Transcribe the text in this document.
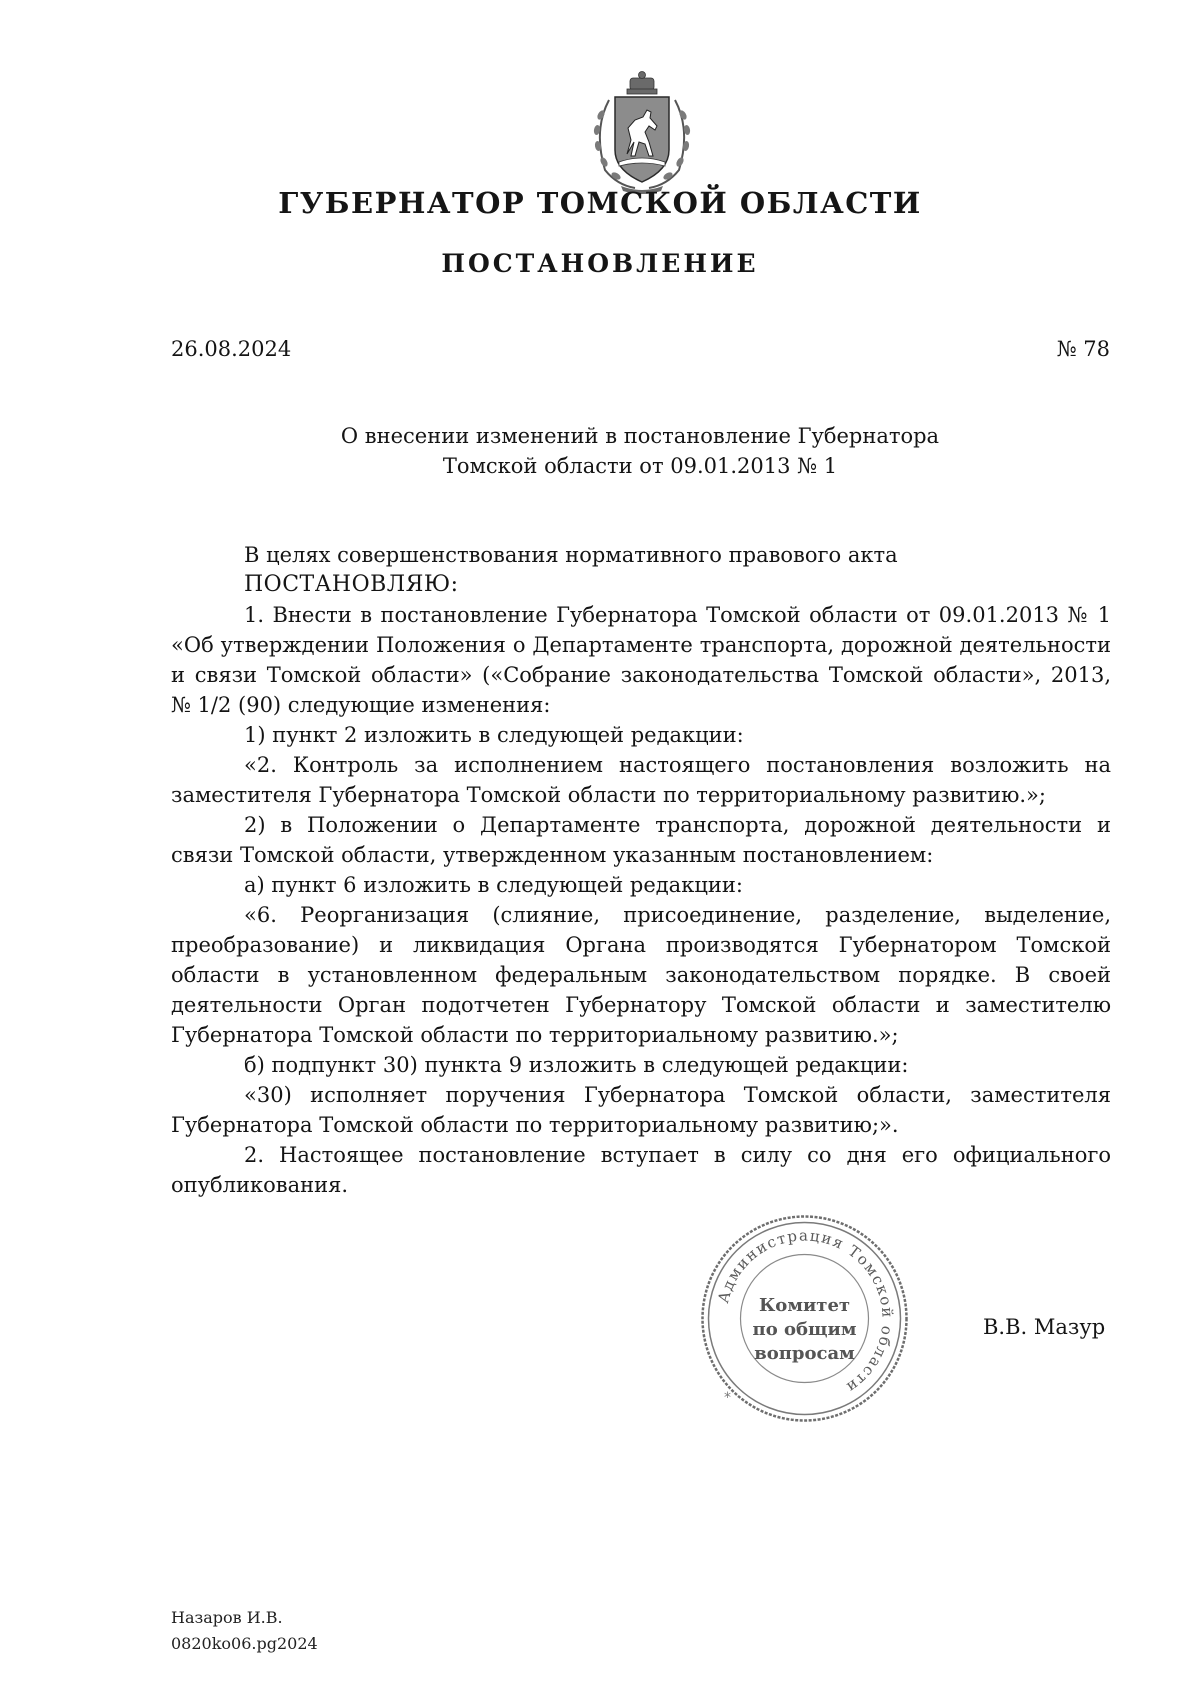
ГУБЕРНАТОР ТОМСКОЙ ОБЛАСТИ
ПОСТАНОВЛЕНИЕ
26.08.2024	№ 78
О внесении изменений в постановление Губернатора
Томской области от 09.01.2013 № 1

В целях совершенствования нормативного правового акта

ПОСТАНОВЛЯЮ:

1. Внести в постановление Губернатора Томской области от 09.01.2013 № 1 «Об утверждении Положения о Департаменте транспорта, дорожной деятельности и связи Томской области» («Собрание законодательства Томской области», 2013, № 1/2 (90) следующие изменения:

1) пункт 2 изложить в следующей редакции:

«2. Контроль за исполнением настоящего постановления возложить на заместителя Губернатора Томской области по территориальному развитию.»;

2) в Положении о Департаменте транспорта, дорожной деятельности и связи Томской области, утвержденном указанным постановлением:

а) пункт 6 изложить в следующей редакции:

«6. Реорганизация (слияние, присоединение, разделение, выделение, преобразование) и ликвидация Органа производятся Губернатором Томской области в установленном федеральным законодательством порядке. В своей деятельности Орган подотчетен Губернатору Томской области и заместителю Губернатора Томской области по территориальному развитию.»;

б) подпункт 30) пункта 9 изложить в следующей редакции:

«30) исполняет поручения Губернатора Томской области, заместителя Губернатора Томской области по территориальному развитию;».

2. Настоящее постановление вступает в силу со дня его официального опубликования.

Администрация Томской области
*
Комитет
по общим
вопросам
В.В. Мазур
Назаров И.В.
0820ko06.pg2024
